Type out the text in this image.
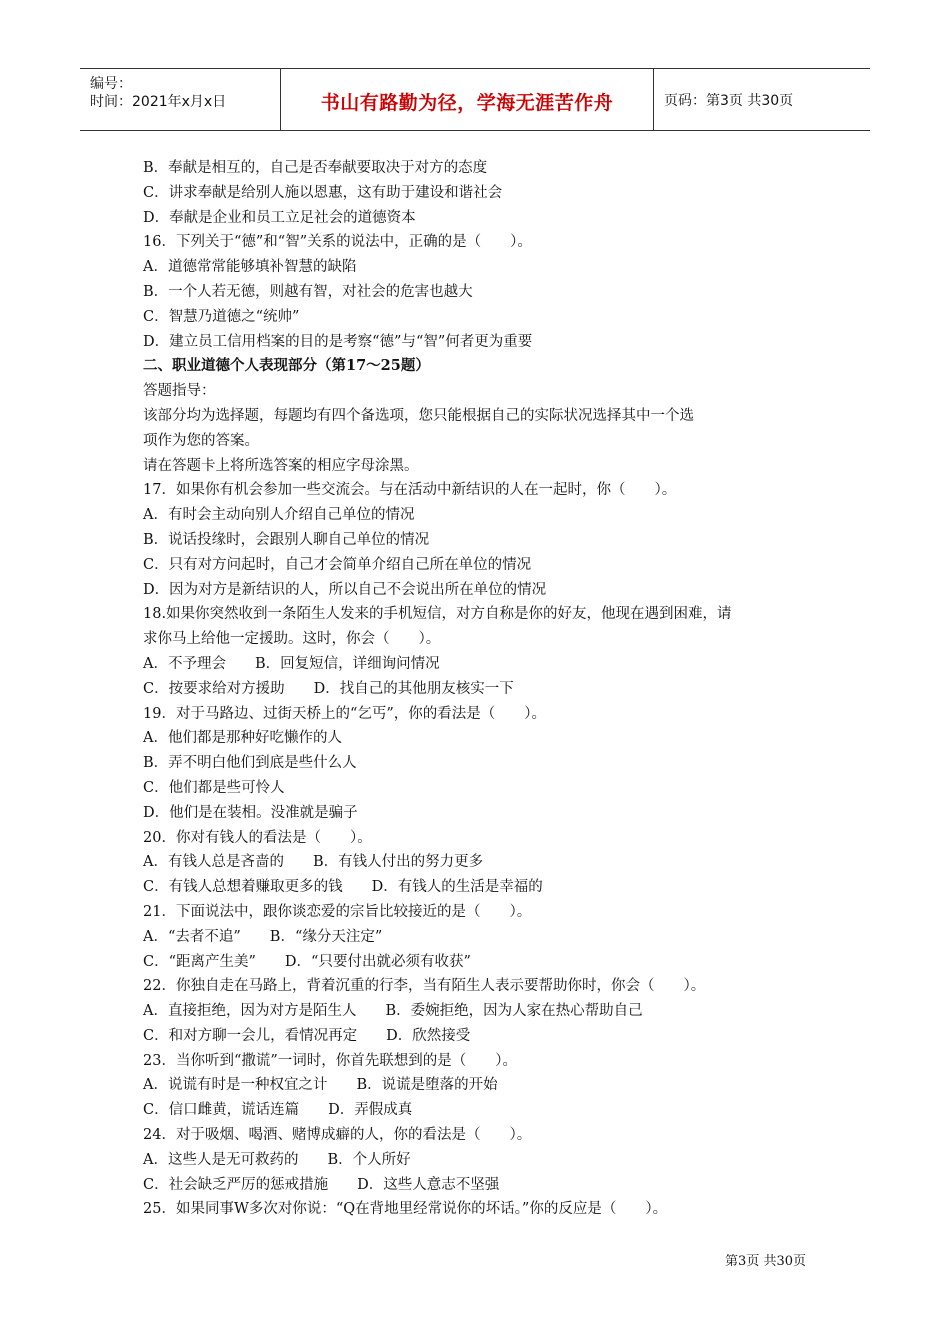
编号：
时间：2021年x月x日	书山有路勤为径，学海无涯苦作舟	页码：第3页 共30页
B．奉献是相互的，自己是否奉献要取决于对方的态度
C．讲求奉献是给别人施以恩惠，这有助于建设和谐社会
D．奉献是企业和员工立足社会的道德资本
16．下列关于“德”和“智”关系的说法中，正确的是（　　）。
A．道德常常能够填补智慧的缺陷
B．一个人若无德，则越有智，对社会的危害也越大
C．智慧乃道德之“统帅”
D．建立员工信用档案的目的是考察“德”与“智”何者更为重要
二、职业道德个人表现部分（第17～25题）
答题指导：
该部分均为选择题，每题均有四个备选项，您只能根据自己的实际状况选择其中一个选
项作为您的答案。
请在答题卡上将所选答案的相应字母涂黑。
17．如果你有机会参加一些交流会。与在活动中新结识的人在一起时，你（　　）。
A．有时会主动向别人介绍自己单位的情况
B．说话投缘时，会跟别人聊自己单位的情况
C．只有对方问起时，自己才会简单介绍自己所在单位的情况
D．因为对方是新结识的人，所以自己不会说出所在单位的情况
18.如果你突然收到一条陌生人发来的手机短信，对方自称是你的好友，他现在遇到困难，请
求你马上给他一定援助。这时，你会（　　）。
A．不予理会　　B．回复短信，详细询问情况
C．按要求给对方援助　　D．找自己的其他朋友核实一下
19．对于马路边、过街天桥上的“乞丐”，你的看法是（　　）。
A．他们都是那种好吃懒作的人
B．弄不明白他们到底是些什么人
C．他们都是些可怜人
D．他们是在装相。没准就是骗子
20．你对有钱人的看法是（　　）。
A．有钱人总是吝啬的　　B．有钱人付出的努力更多
C．有钱人总想着赚取更多的钱　　D．有钱人的生活是幸福的
21．下面说法中，跟你谈恋爱的宗旨比较接近的是（　　）。
A．“去者不追”　　B．“缘分天注定”
C．“距离产生美”　　D．“只要付出就必须有收获”
22．你独自走在马路上，背着沉重的行李，当有陌生人表示要帮助你时，你会（　　）。
A．直接拒绝，因为对方是陌生人　　B．委婉拒绝，因为人家在热心帮助自己
C．和对方聊一会儿，看情况再定　　D．欣然接受
23．当你听到“撒谎”一词时，你首先联想到的是（　　）。
A．说谎有时是一种权宜之计　　B．说谎是堕落的开始
C．信口雌黄，谎话连篇　　D．弄假成真
24．对于吸烟、喝酒、赌博成癖的人，你的看法是（　　）。
A．这些人是无可救药的　　B．个人所好
C．社会缺乏严厉的惩戒措施　　D．这些人意志不坚强
25．如果同事W多次对你说：“Q在背地里经常说你的坏话。”你的反应是（　　）。
第3页 共30页
